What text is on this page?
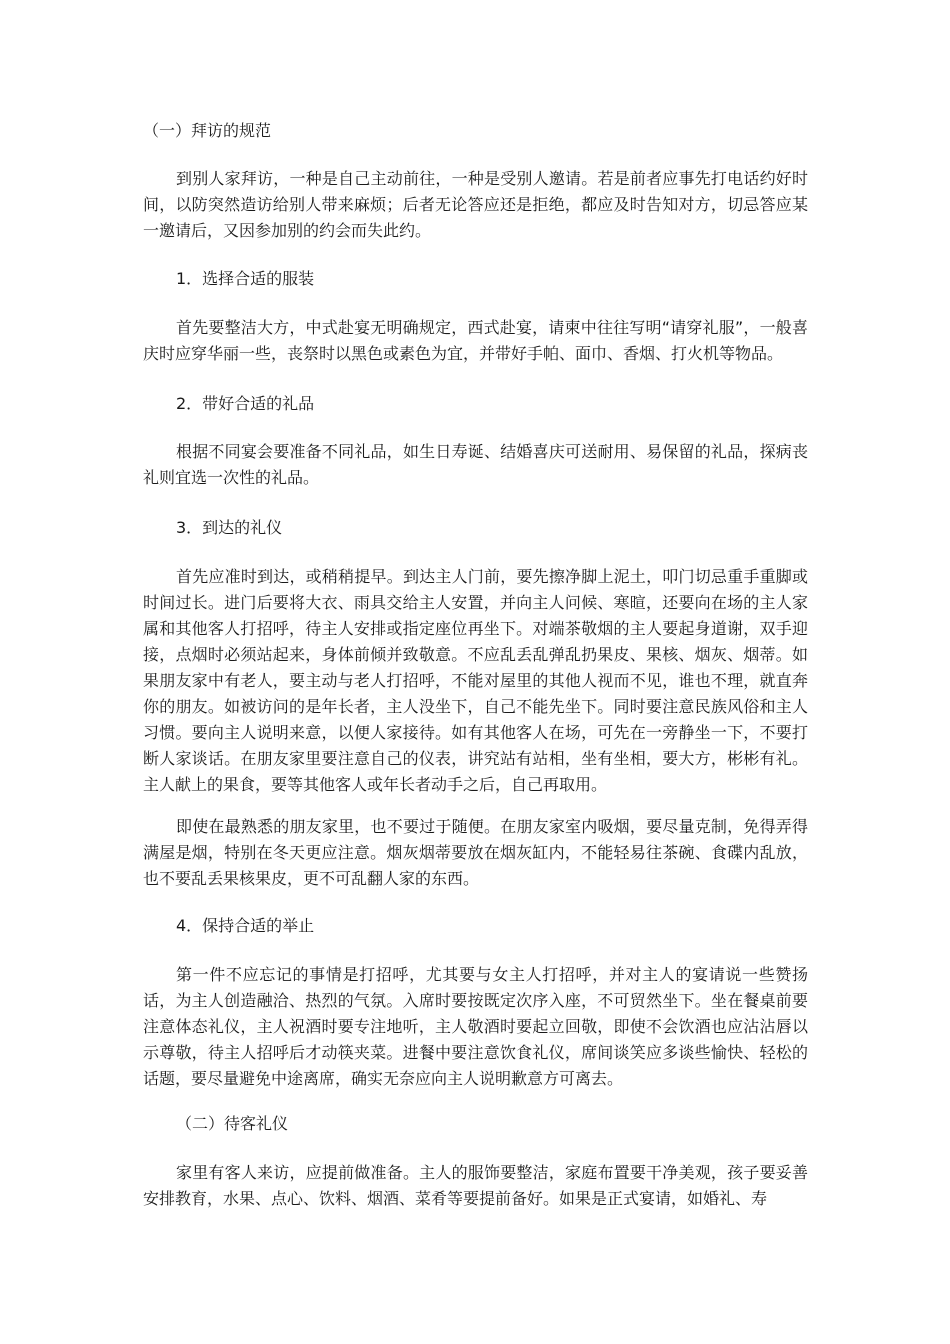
（一）拜访的规范

到别人家拜访，一种是自己主动前往，一种是受别人邀请。若是前者应事先打电话约好时间，以防突然造访给别人带来麻烦；后者无论答应还是拒绝，都应及时告知对方，切忌答应某一邀请后，又因参加别的约会而失此约。

1．选择合适的服装

首先要整洁大方，中式赴宴无明确规定，西式赴宴，请柬中往往写明“请穿礼服”，一般喜庆时应穿华丽一些，丧祭时以黑色或素色为宜，并带好手帕、面巾、香烟、打火机等物品。

2．带好合适的礼品

根据不同宴会要准备不同礼品，如生日寿诞、结婚喜庆可送耐用、易保留的礼品，探病丧礼则宜选一次性的礼品。

3．到达的礼仪

首先应准时到达，或稍稍提早。到达主人门前，要先擦净脚上泥土，叩门切忌重手重脚或时间过长。进门后要将大衣、雨具交给主人安置，并向主人问候、寒暄，还要向在场的主人家属和其他客人打招呼，待主人安排或指定座位再坐下。对端茶敬烟的主人要起身道谢，双手迎接，点烟时必须站起来，身体前倾并致敬意。不应乱丢乱弹乱扔果皮、果核、烟灰、烟蒂。如果朋友家中有老人，要主动与老人打招呼，不能对屋里的其他人视而不见，谁也不理，就直奔你的朋友。如被访问的是年长者，主人没坐下，自己不能先坐下。同时要注意民族风俗和主人习惯。要向主人说明来意，以便人家接待。如有其他客人在场，可先在一旁静坐一下，不要打断人家谈话。在朋友家里要注意自己的仪表，讲究站有站相，坐有坐相，要大方，彬彬有礼。主人献上的果食，要等其他客人或年长者动手之后，自己再取用。

即使在最熟悉的朋友家里，也不要过于随便。在朋友家室内吸烟，要尽量克制，免得弄得满屋是烟，特别在冬天更应注意。烟灰烟蒂要放在烟灰缸内，不能轻易往茶碗、食碟内乱放，也不要乱丢果核果皮，更不可乱翻人家的东西。

4．保持合适的举止

第一件不应忘记的事情是打招呼，尤其要与女主人打招呼，并对主人的宴请说一些赞扬话，为主人创造融洽、热烈的气氛。入席时要按既定次序入座，不可贸然坐下。坐在餐桌前要注意体态礼仪，主人祝酒时要专注地听，主人敬酒时要起立回敬，即使不会饮酒也应沾沾唇以示尊敬，待主人招呼后才动筷夹菜。进餐中要注意饮食礼仪，席间谈笑应多谈些愉快、轻松的话题，要尽量避免中途离席，确实无奈应向主人说明歉意方可离去。

（二）待客礼仪

家里有客人来访，应提前做准备。主人的服饰要整洁，家庭布置要干净美观，孩子要妥善安排教育，水果、点心、饮料、烟酒、菜肴等要提前备好。如果是正式宴请，如婚礼、寿
